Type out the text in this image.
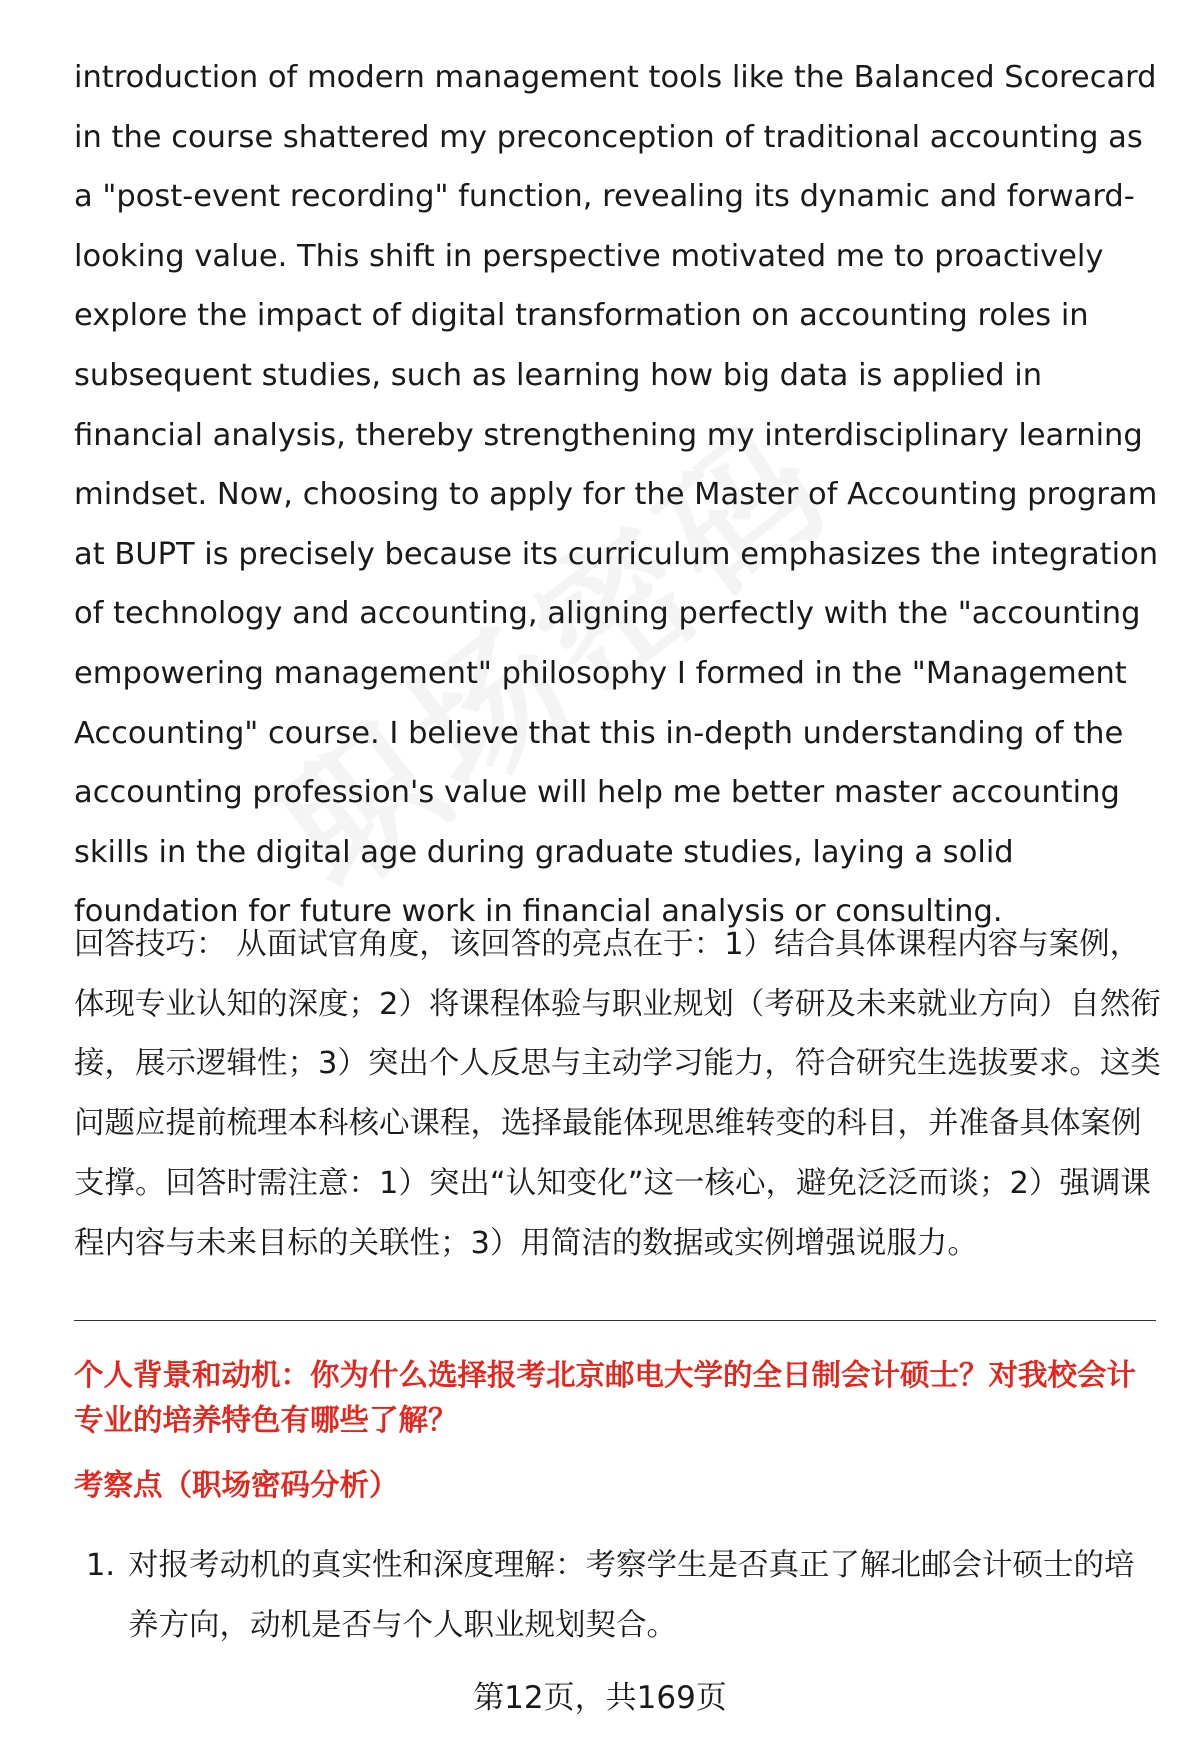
introduction of modern management tools like the Balanced Scorecard in the course shattered my preconception of traditional accounting as a "post-event recording" function, revealing its dynamic and forward-looking value. This shift in perspective motivated me to proactively explore the impact of digital transformation on accounting roles in subsequent studies, such as learning how big data is applied in financial analysis, thereby strengthening my interdisciplinary learning mindset. Now, choosing to apply for the Master of Accounting program at BUPT is precisely because its curriculum emphasizes the integration of technology and accounting, aligning perfectly with the "accounting empowering management" philosophy I formed in the "Management Accounting" course. I believe that this in-depth understanding of the accounting profession's value will help me better master accounting skills in the digital age during graduate studies, laying a solid foundation for future work in financial analysis or consulting.

回答技巧： 从面试官角度，该回答的亮点在于：1）结合具体课程内容与案例，体现专业认知的深度；2）将课程体验与职业规划（考研及未来就业方向）自然衔接，展示逻辑性；3）突出个人反思与主动学习能力，符合研究生选拔要求。这类问题应提前梳理本科核心课程，选择最能体现思维转变的科目，并准备具体案例支撑。回答时需注意：1）突出“认知变化”这一核心，避免泛泛而谈；2）强调课程内容与未来目标的关联性；3）用简洁的数据或实例增强说服力。

个人背景和动机：你为什么选择报考北京邮电大学的全日制会计硕士？对我校会计专业的培养特色有哪些了解？

考察点（职场密码分析）

1. 对报考动机的真实性和深度理解：考察学生是否真正了解北邮会计硕士的培养方向，动机是否与个人职业规划契合。
第12页，共169页
